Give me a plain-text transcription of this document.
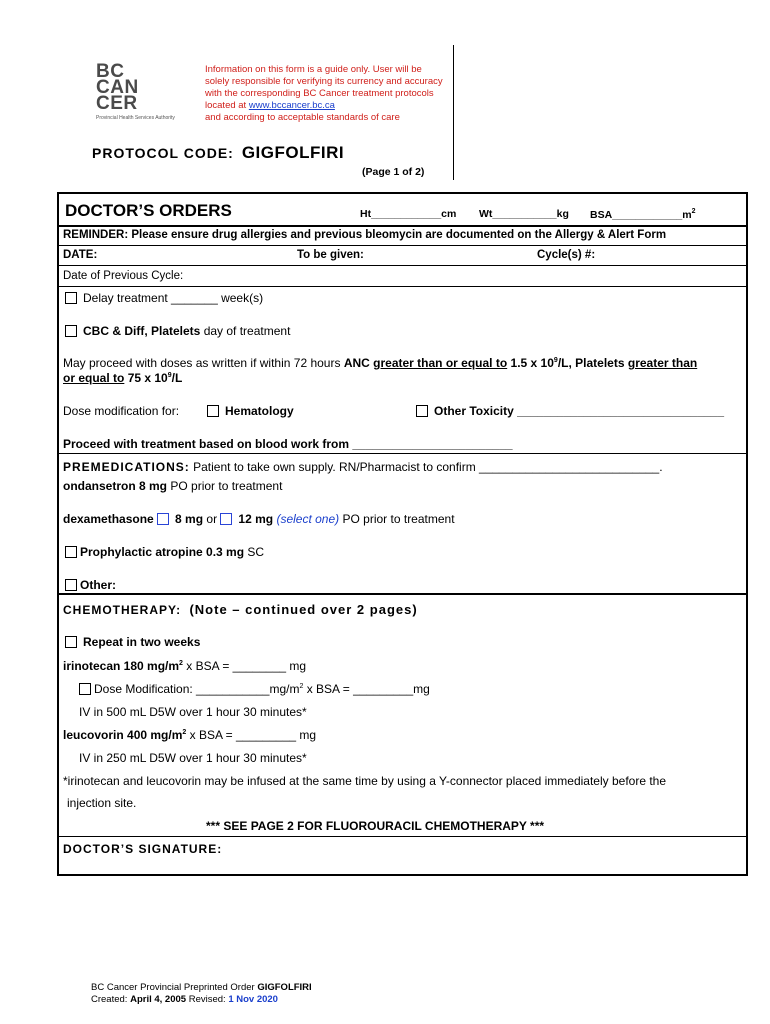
BC
CAN
CER
Provincial Health Services Authority
Information on this form is a guide only. User will be solely responsible for verifying its currency and accuracy with the corresponding BC Cancer treatment protocols located at www.bccancer.bc.ca
and according to acceptable standards of care
PROTOCOL CODE: GIGFOLFIRI
(Page 1 of 2)
DOCTOR’S ORDERS	Ht____________cm Wt___________kg $BSA\_\_\_\_\_\_\_\_\_\_\_\_m^2$
REMINDER: Please ensure drug allergies and previous bleomycin are documented on the Allergy & Alert Form
DATE:	To be given:	Cycle(s) #:
Date of Previous Cycle:
Delay treatment _______ week(s)
CBC & Diff, Platelets day of treatment
May proceed with doses as written if within 72 hours ANC greater than or equal to 1.5 x $10^9/L$, Platelets greater than
or equal to 75 x $10^9/L$
Dose modification for:	Hematology	Other Toxicity _______________________________
Proceed with treatment based on blood work from ________________________
PREMEDICATIONS: Patient to take own supply. RN/Pharmacist to confirm ___________________________.
ondansetron 8 mg PO prior to treatment
dexamethasone 8 mg or 12 mg (select one) PO prior to treatment
Prophylactic atropine 0.3 mg SC
Other:
CHEMOTHERAPY: (Note – continued over 2 pages)
Repeat in two weeks
irinotecan 180 $mg/m^2$ x BSA = ________ mg
Dose Modification: $\_\_\_\_\_\_\_\_\_\_\_mg/m^2$ x BSA = _________mg
IV in 500 mL D5W over 1 hour 30 minutes*
leucovorin 400 $mg/m^2$ x BSA = _________ mg
IV in 250 mL D5W over 1 hour 30 minutes*
*irinotecan and leucovorin may be infused at the same time by using a Y-connector placed immediately before the
injection site.
*** SEE PAGE 2 FOR FLUOROURACIL CHEMOTHERAPY ***
DOCTOR’S SIGNATURE:
BC Cancer Provincial Preprinted Order GIGFOLFIRI
Created: April 4, 2005 Revised: 1 Nov 2020
